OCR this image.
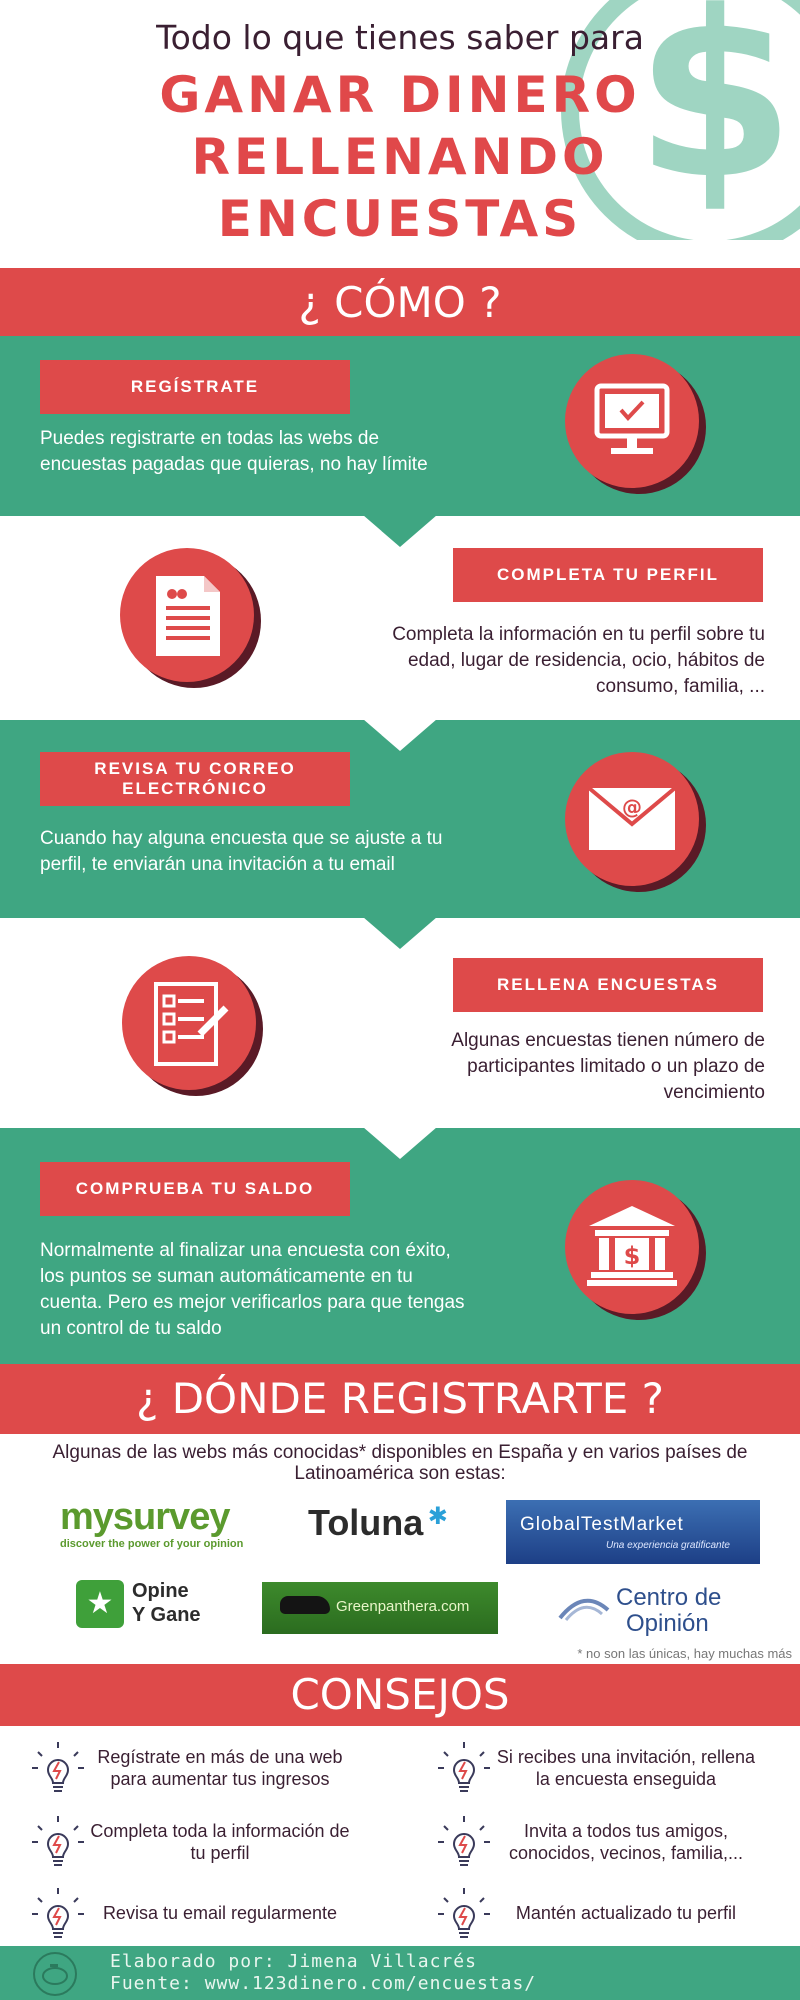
$
Todo lo que tienes saber para
GANAR DINERO
RELLENANDO
ENCUESTAS
¿ CÓMO ?
REGÍSTRATE
Puedes registrarte en todas las webs de encuestas pagadas que quieras, no hay límite
COMPLETA TU PERFIL
Completa la información en tu perfil sobre tu edad, lugar de residencia, ocio, hábitos de consumo, familia, ...
REVISA TU CORREO ELECTRÓNICO
Cuando hay alguna encuesta que se ajuste a tu perfil, te enviarán una invitación a tu email
@
RELLENA ENCUESTAS
Algunas encuestas tienen número de participantes limitado o un plazo de vencimiento
COMPRUEBA TU SALDO
Normalmente al finalizar una encuesta con éxito, los puntos se suman automáticamente en tu cuenta. Pero es mejor verificarlos para que tengas un control de tu saldo
$
¿ DÓNDE REGISTRARTE ?
Algunas de las webs más conocidas* disponibles en España y en varios países de Latinoamérica son estas:
mysurvey
discover the power of your opinion
Toluna ✱	GlobalTestMarket
Una experiencia gratificante
★ Opine
Y Gane	Greenpanthera.com	Centro de
Opinión
* no son las únicas, hay muchas más
CONSEJOS
Regístrate en más de una web para aumentar tus ingresos
Si recibes una invitación, rellena la encuesta enseguida
Completa toda la información de tu perfil
Invita a todos tus amigos, conocidos, vecinos, familia,...
Revisa tu email regularmente	Mantén actualizado tu perfil
Elaborado por: Jimena Villacrés
Fuente: www.123dinero.com/encuestas/
